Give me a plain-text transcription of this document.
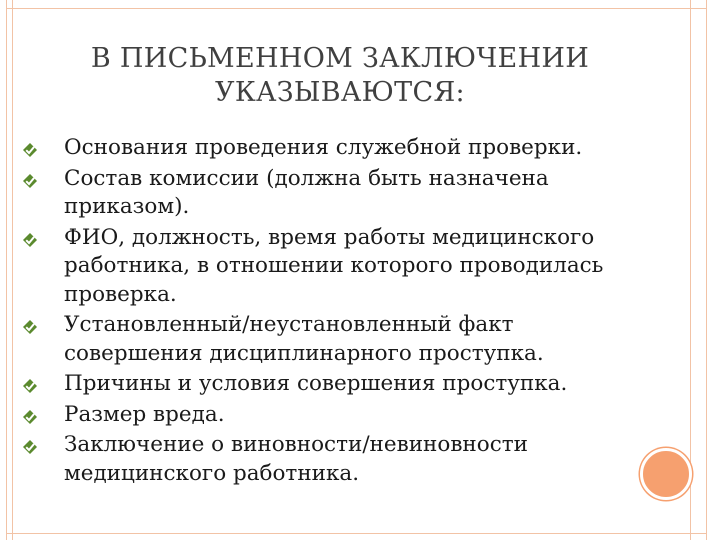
В ПИСЬМЕННОМ ЗАКЛЮЧЕНИИ
УКАЗЫВАЮТСЯ:
Основания проведения служебной проверки.
Состав комиссии (должна быть назначена приказом).
ФИО, должность, время работы медицинского работника, в отношении которого проводилась проверка.
Установленный/неустановленный факт совершения дисциплинарного проступка.
Причины и условия совершения проступка.
Размер вреда.
Заключение о виновности/невиновности медицинского работника.
